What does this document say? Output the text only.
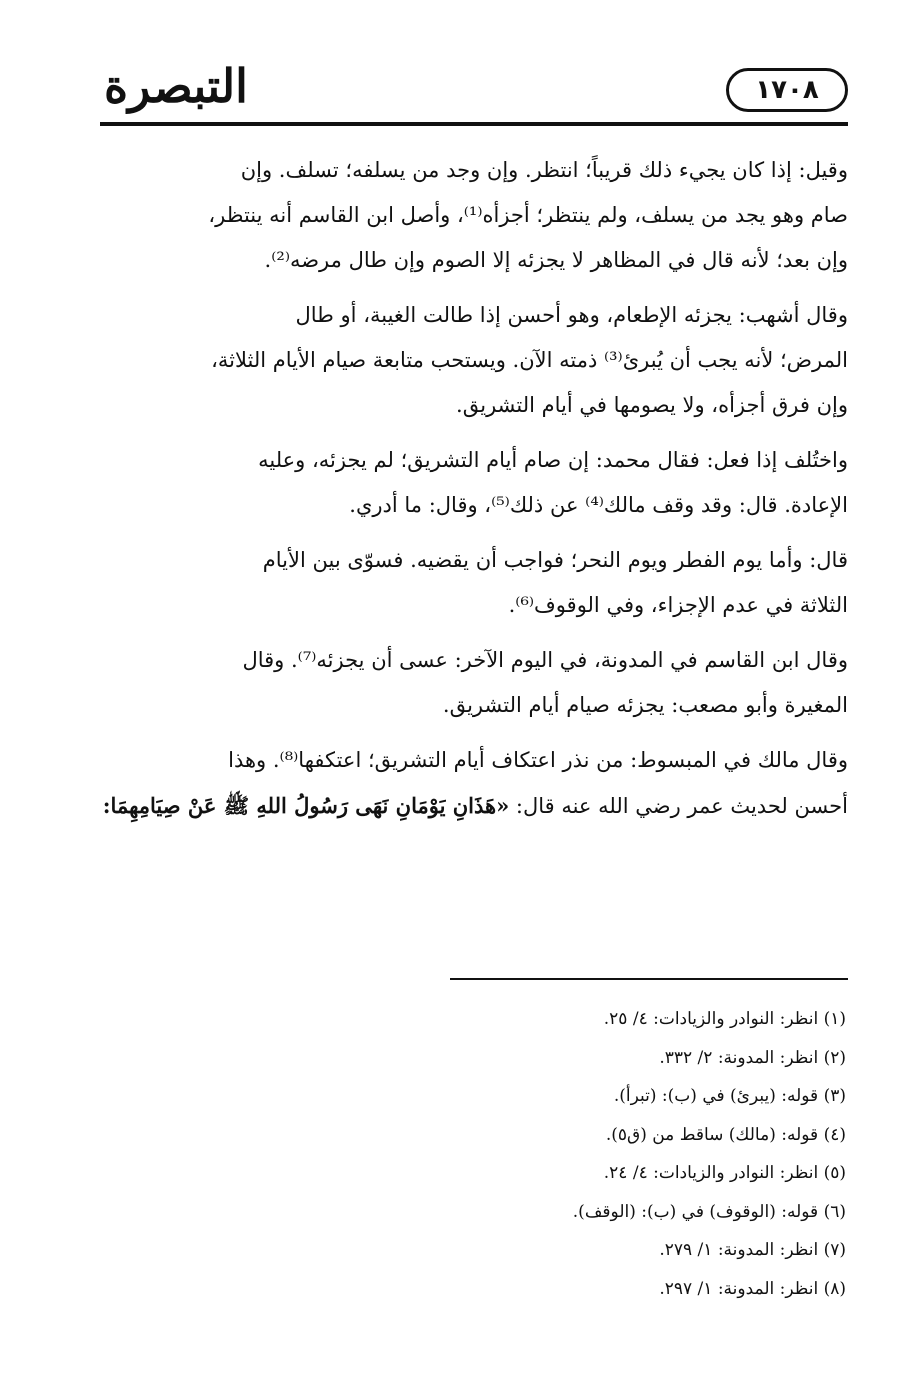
التبصرة	١٧٠٨

وقيل: إذا كان يجيء ذلك قريباً؛ انتظر. وإن وجد من يسلفه؛ تسلف. وإن
صام وهو يجد من يسلف، ولم ينتظر؛ أجزأه⁽¹⁾، وأصل ابن القاسم أنه ينتظر،
وإن بعد؛ لأنه قال في المظاهر لا يجزئه إلا الصوم وإن طال مرضه⁽²⁾.

وقال أشهب: يجزئه الإطعام، وهو أحسن إذا طالت الغيبة، أو طال
المرض؛ لأنه يجب أن يُبرئ⁽³⁾ ذمته الآن. ويستحب متابعة صيام الأيام الثلاثة،
وإن فرق أجزأه، ولا يصومها في أيام التشريق.

واختُلف إذا فعل: فقال محمد: إن صام أيام التشريق؛ لم يجزئه، وعليه
الإعادة. قال: وقد وقف مالك⁽⁴⁾ عن ذلك⁽⁵⁾، وقال: ما أدري.

قال: وأما يوم الفطر ويوم النحر؛ فواجب أن يقضيه. فسوّى بين الأيام
الثلاثة في عدم الإجزاء، وفي الوقوف⁽⁶⁾.

وقال ابن القاسم في المدونة، في اليوم الآخر: عسى أن يجزئه⁽⁷⁾. وقال
المغيرة وأبو مصعب: يجزئه صيام أيام التشريق.

وقال مالك في المبسوط: من نذر اعتكاف أيام التشريق؛ اعتكفها⁽⁸⁾. وهذا
أحسن لحديث عمر رضي الله عنه قال: «هَذَانِ يَوْمَانِ نَهَى رَسُولُ اللهِ ﷺ عَنْ صِيَامِهِمَا:

(١) انظر: النوادر والزيادات: ٤/ ٢٥.
(٢) انظر: المدونة: ٢/ ٣٣٢.
(٣) قوله: (يبرئ) في (ب): (تبرأ).
(٤) قوله: (مالك) ساقط من (ق٥).
(٥) انظر: النوادر والزيادات: ٤/ ٢٤.
(٦) قوله: (الوقوف) في (ب): (الوقف).
(٧) انظر: المدونة: ١/ ٢٧٩.
(٨) انظر: المدونة: ١/ ٢٩٧.
